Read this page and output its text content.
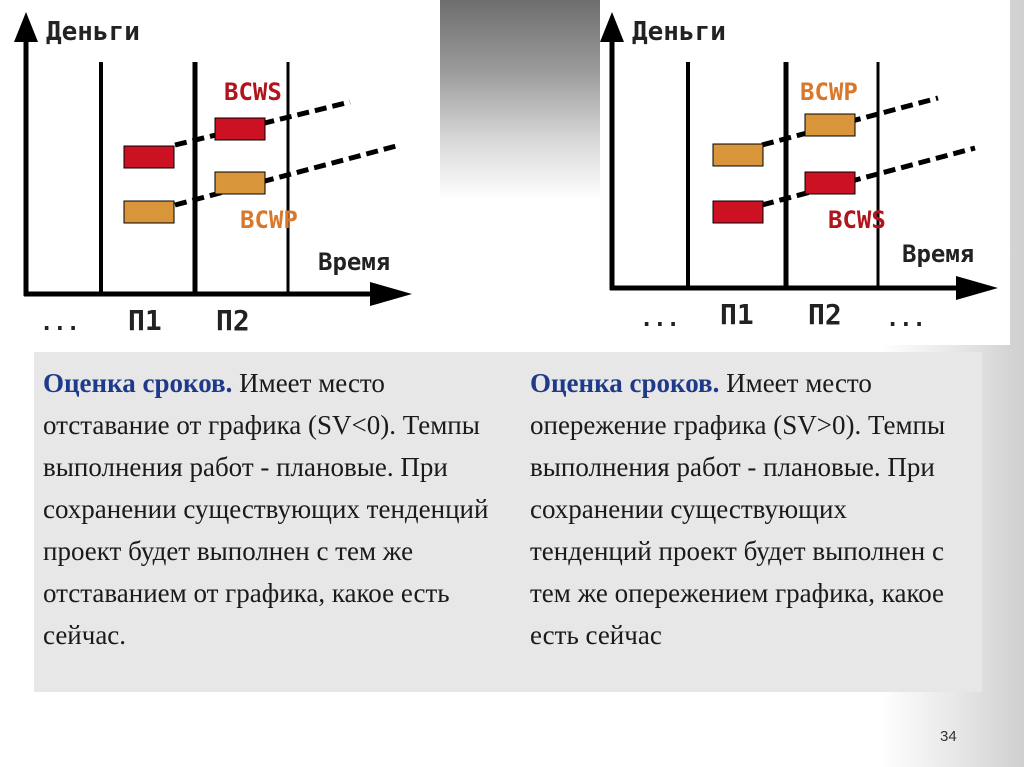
Деньги
Время
BCWS
BCWP
... П1 П2
Деньги
Время
BCWP
BCWS
... П1 П2 ...
Оценка сроков. Имеет место отставание от графика (SV<0). Темпы выполнения работ - плановые. При сохранении существующих тенденций проект будет выполнен с тем же отставанием от графика, какое есть сейчас.
Оценка сроков. Имеет место опережение графика (SV>0). Темпы выполнения работ - плановые. При сохранении существующих тенденций проект будет выполнен с тем же опережением графика, какое есть сейчас
34
